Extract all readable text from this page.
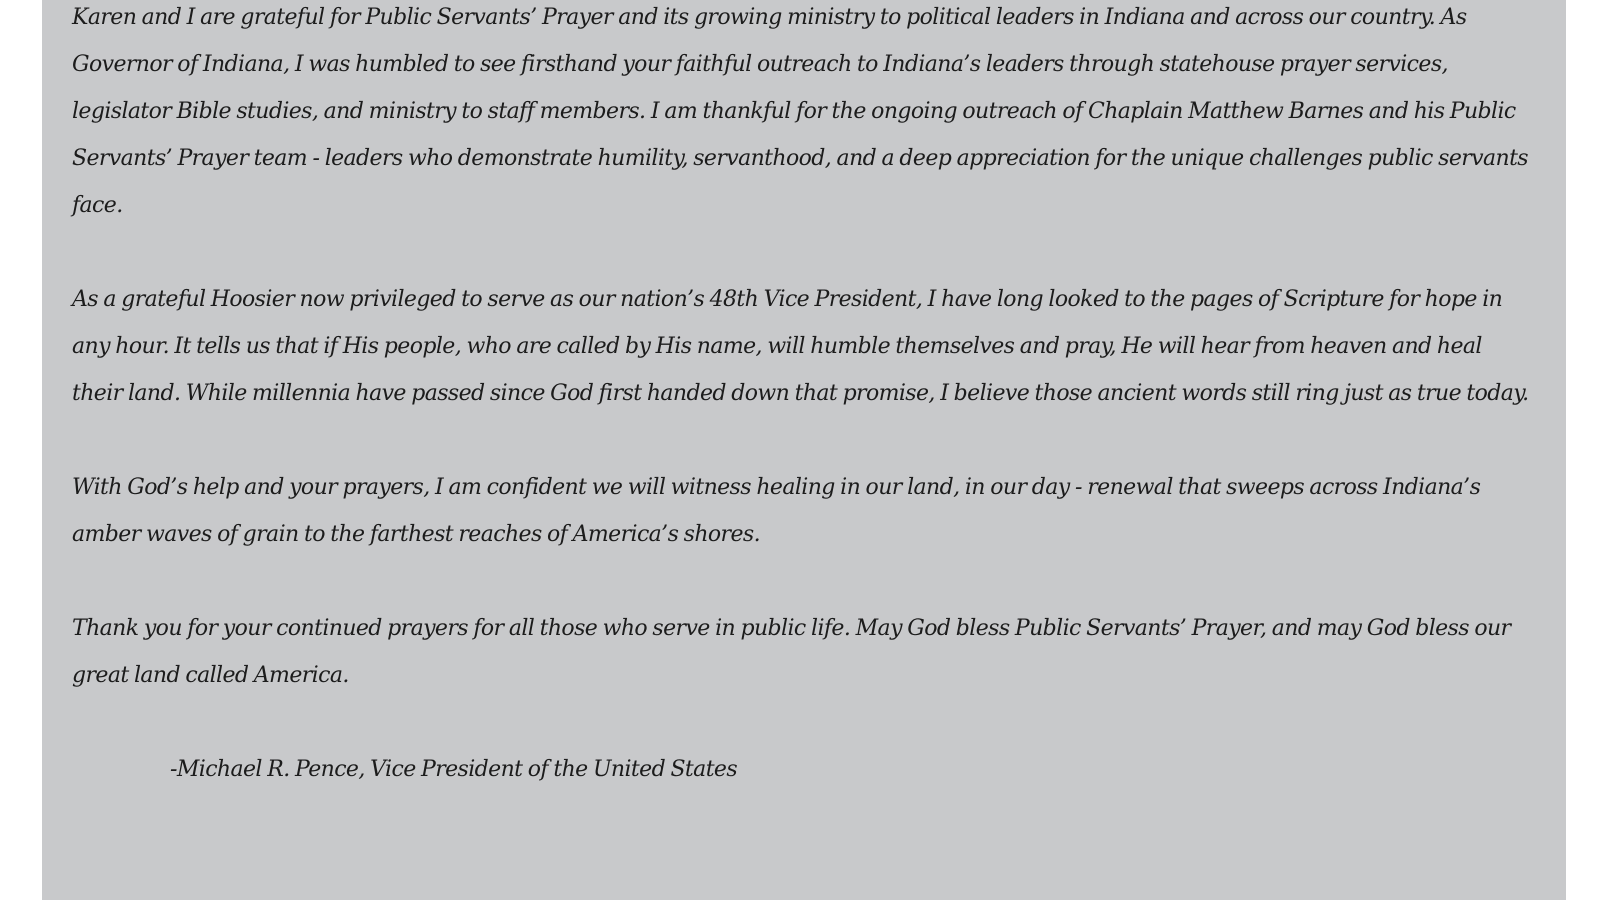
Karen and I are grateful for Public Servants’ Prayer and its growing ministry to political leaders in Indiana and across our country. As Governor of Indiana, I was humbled to see firsthand your faithful outreach to Indiana’s leaders through statehouse prayer services, legislator Bible studies, and ministry to staff members. I am thankful for the ongoing outreach of Chaplain Matthew Barnes and his Public Servants’ Prayer team - leaders who demonstrate humility, servanthood, and a deep appreciation for the unique challenges public servants face.

As a grateful Hoosier now privileged to serve as our nation’s 48th Vice President, I have long looked to the pages of Scripture for hope in any hour. It tells us that if His people, who are called by His name, will humble themselves and pray, He will hear from heaven and heal their land. While millennia have passed since God first handed down that promise, I believe those ancient words still ring just as true today.

With God’s help and your prayers, I am confident we will witness healing in our land, in our day - renewal that sweeps across Indiana’s amber waves of grain to the farthest reaches of America’s shores.

Thank you for your continued prayers for all those who serve in public life. May God bless Public Servants’ Prayer, and may God bless our great land called America.

-Michael R. Pence, Vice President of the United States
